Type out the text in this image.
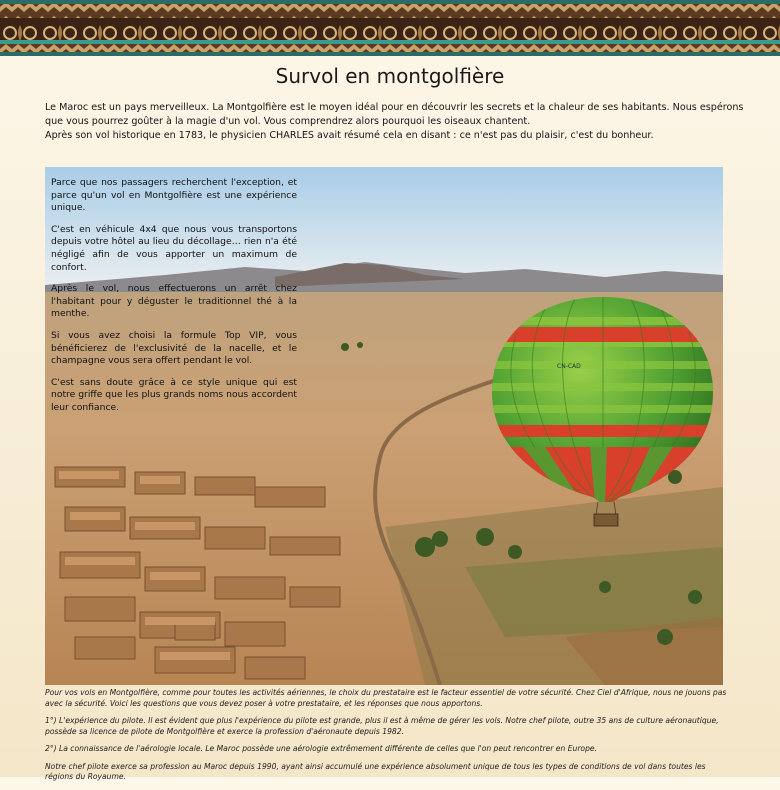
Survol en montgolfière

Le Maroc est un pays merveilleux. La Montgolfière est le moyen idéal pour en découvrir les secrets et la chaleur de ses habitants. Nous espérons que vous pourrez goûter à la magie d'un vol. Vous comprendrez alors pourquoi les oiseaux chantent.

Après son vol historique en 1783, le physicien CHARLES avait résumé cela en disant : ce n'est pas du plaisir, c'est du bonheur.

CN-CAD

Parce que nos passagers recherchent l'exception, et parce qu'un vol en Montgolfière est une expérience unique.

C'est en véhicule 4x4 que nous vous transportons depuis votre hôtel au lieu du décollage… rien n'a été négligé afin de vous apporter un maximum de confort.

Après le vol, nous effectuerons un arrêt chez l'habitant pour y déguster le traditionnel thé à la menthe.

Si vous avez choisi la formule Top VIP, vous bénéficierez de l'exclusivité de la nacelle, et le champagne vous sera offert pendant le vol.

C'est sans doute grâce à ce style unique qui est notre griffe que les plus grands noms nous accordent leur confiance.

Pour vos vols en Montgolfière, comme pour toutes les activités aériennes, le choix du prestataire est le facteur essentiel de votre sécurité. Chez Ciel d'Afrique, nous ne jouons pas avec la sécurité. Voici les questions que vous devez poser à votre prestataire, et les réponses que nous apportons.

1°) L'expérience du pilote. Il est évident que plus l'expérience du pilote est grande, plus il est à même de gérer les vols. Notre chef pilote, outre 35 ans de culture aéronautique, possède sa licence de pilote de Montgolfière et exerce la profession d'aéronaute depuis 1982.

2°) La connaissance de l'aérologie locale. Le Maroc possède une aérologie extrêmement différente de celles que l'on peut rencontrer en Europe.

Notre chef pilote exerce sa profession au Maroc depuis 1990, ayant ainsi accumulé une expérience absolument unique de tous les types de conditions de vol dans toutes les régions du Royaume.
